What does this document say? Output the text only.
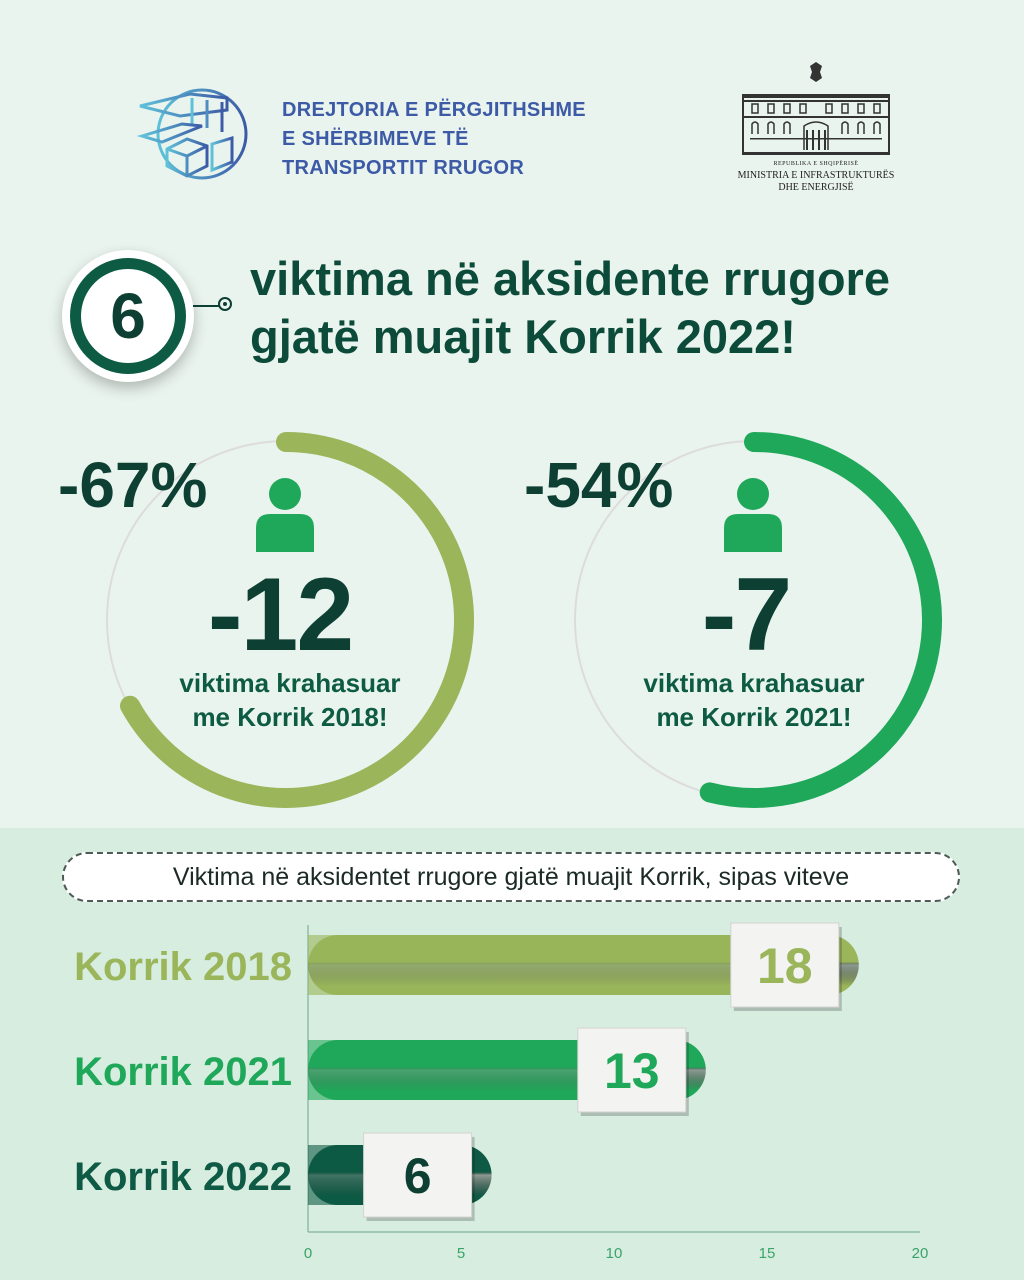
DREJTORIA E PËRGJITHSHME
E SHËRBIMEVE TË
TRANSPORTIT RRUGOR	REPUBLIKA E SHQIPËRISË
MINISTRIA E INFRASTRUKTURËS
DHE ENERGJISË
6
viktima në aksidente rrugore
gjatë muajit Korrik 2022!
-67%
-12
viktima krahasuar
me Korrik 2018!
-54%
-7
viktima krahasuar
me Korrik 2021!
Viktima në aksidentet rrugore gjatë muajit Korrik, sipas viteve
0	5	10	15	20
Korrik 2018	18
Korrik 2021	13
Korrik 2022 6
